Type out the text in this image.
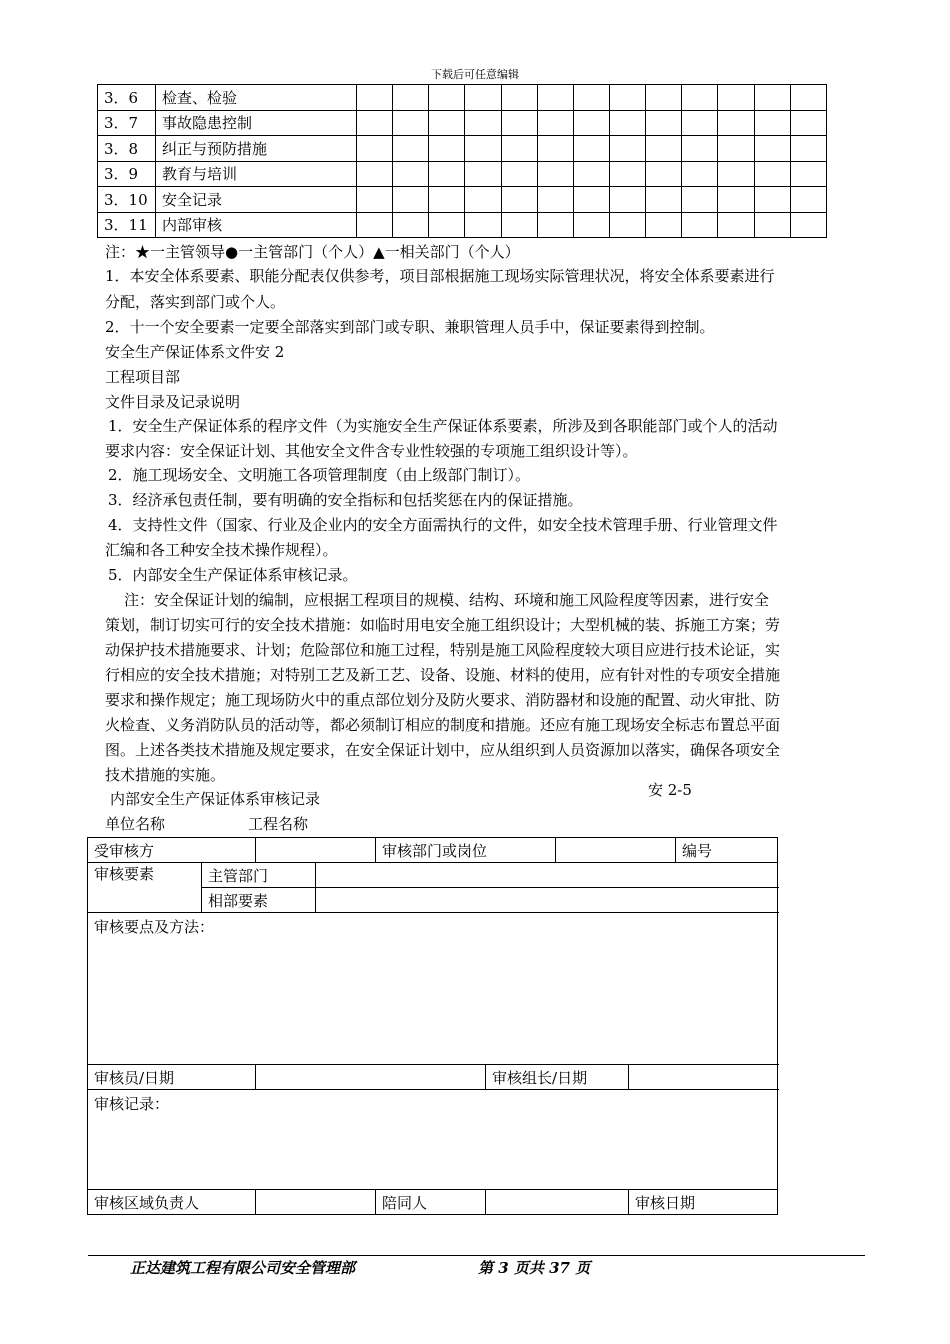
下载后可任意编辑
3．6	检查、检验													
3．7	事故隐患控制													
3．8	纠正与预防措施													
3．9	教育与培训													
3．10	安全记录													
3．11	内部审核													
注：★一主管领导●一主管部门（个人）▲一相关部门（个人）
1．本安全体系要素、职能分配表仅供参考，项目部根据施工现场实际管理状况，将安全体系要素进行
分配，落实到部门或个人。
2．十一个安全要素一定要全部落实到部门或专职、兼职管理人员手中，保证要素得到控制。
安全生产保证体系文件安 2
工程项目部
文件目录及记录说明
1．安全生产保证体系的程序文件（为实施安全生产保证体系要素，所涉及到各职能部门或个人的活动
要求内容：安全保证计划、其他安全文件含专业性较强的专项施工组织设计等）。
2．施工现场安全、文明施工各项管理制度（由上级部门制订）。
3．经济承包责任制，要有明确的安全指标和包括奖惩在内的保证措施。
4．支持性文件（国家、行业及企业内的安全方面需执行的文件，如安全技术管理手册、行业管理文件
汇编和各工种安全技术操作规程）。
5．内部安全生产保证体系审核记录。
注：安全保证计划的编制，应根据工程项目的规模、结构、环境和施工风险程度等因素，进行安全
策划，制订切实可行的安全技术措施：如临时用电安全施工组织设计；大型机械的装、拆施工方案；劳
动保护技术措施要求、计划；危险部位和施工过程，特别是施工风险程度较大项目应进行技术论证，实
行相应的安全技术措施；对特别工艺及新工艺、设备、设施、材料的使用，应有针对性的专项安全措施
要求和操作规定；施工现场防火中的重点部位划分及防火要求、消防器材和设施的配置、动火审批、防
火检查、义务消防队员的活动等，都必须制订相应的制度和措施。还应有施工现场安全标志布置总平面
图。上述各类技术措施及规定要求，在安全保证计划中，应从组织到人员资源加以落实，确保各项安全
技术措施的实施。
内部安全生产保证体系审核记录	安 2-5
单位名称	工程名称
受审核方				审核部门或岗位				编号	
审核要素	主管部门								
	相部要素								
审核要点及方法：									
审核员/日期					审核组长/日期				
审核记录：									
审核区域负责人				陪同人			审核日期		
正达建筑工程有限公司安全管理部	第 3 页共 37 页
